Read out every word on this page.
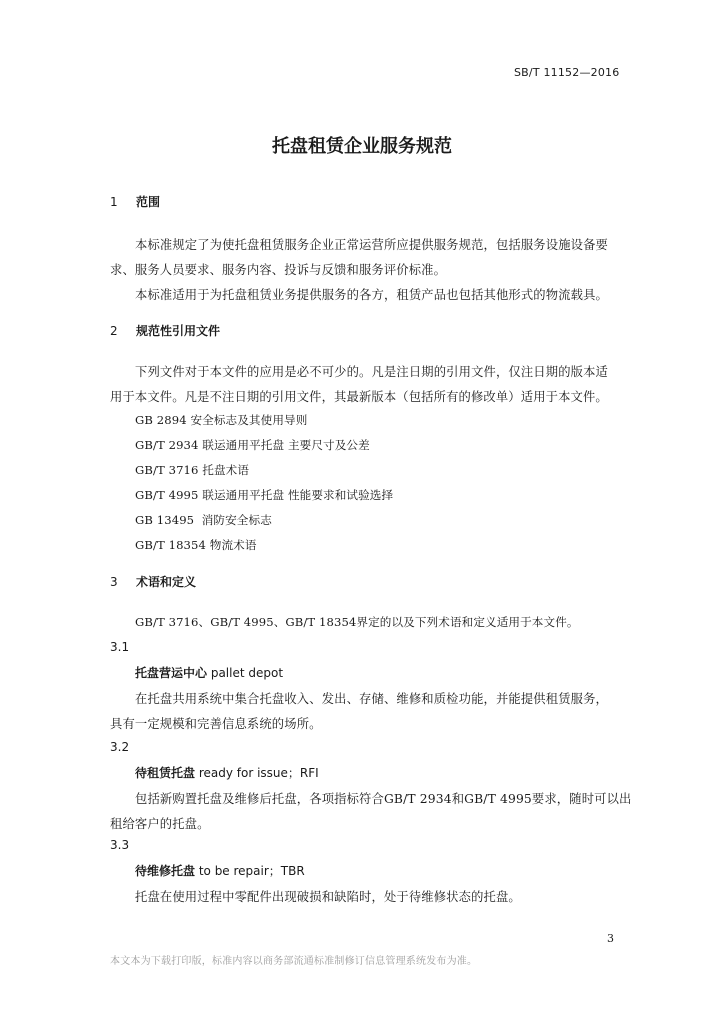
SB/T 11152—2016
托盘租赁企业服务规范
1 范围
本标准规定了为使托盘租赁服务企业正常运营所应提供服务规范，包括服务设施设备要
求、服务人员要求、服务内容、投诉与反馈和服务评价标准。
本标准适用于为托盘租赁业务提供服务的各方，租赁产品也包括其他形式的物流载具。
2 规范性引用文件
下列文件对于本文件的应用是必不可少的。凡是注日期的引用文件，仅注日期的版本适
用于本文件。凡是不注日期的引用文件，其最新版本（包括所有的修改单）适用于本文件。
GB 2894 安全标志及其使用导则
GB/T 2934 联运通用平托盘 主要尺寸及公差
GB/T 3716 托盘术语
GB/T 4995 联运通用平托盘 性能要求和试验选择
GB 13495  消防安全标志
GB/T 18354 物流术语
3 术语和定义
GB/T 3716、GB/T 4995、GB/T 18354界定的以及下列术语和定义适用于本文件。
3.1
托盘营运中心 pallet depot
在托盘共用系统中集合托盘收入、发出、存储、维修和质检功能，并能提供租赁服务，
具有一定规模和完善信息系统的场所。
3.2
待租赁托盘 ready for issue；RFI
包括新购置托盘及维修后托盘，各项指标符合GB/T 2934和GB/T 4995要求，随时可以出
租给客户的托盘。
3.3
待维修托盘 to be repair；TBR
托盘在使用过程中零配件出现破损和缺陷时，处于待维修状态的托盘。
3
本文本为下载打印版，标准内容以商务部流通标准制修订信息管理系统发布为准。
